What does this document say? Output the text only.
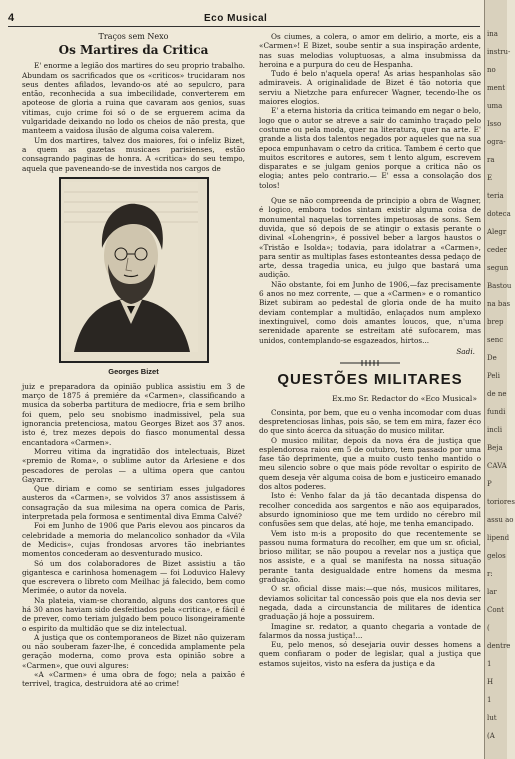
4	Eco Musical

Traços sem Nexo

Os Martires da Critica

E' enorme a legião dos martires do seu proprio trabalho. Abundam os sacrificados que os «criticos» trucidaram nos seus dentes afilados, levando-os até ao sepulcro, para então, reconhecida a sua imbecilidade, converterem em apoteose de gloria a ruina que cavaram aos genios, suas vitimas, cujo crime foi só o de se erguerem acima da vulgaridade deixando no lodo os cheios de não presta, que manteem a vaidosa ilusão de alguma coisa valerem.

Um dos martires, talvez dos maiores, foi o infeliz Bizet, a quem as gazetas musicaes parisienses, estão consagrando paginas de honra. A «critica» do seu tempo, aquela que paveneando-se de investida nos cargos de

Georges Bizet

juiz e preparadora da opinião publica assistiu em 3 de março de 1875 á premiére da «Carmen», classificando a musica da soberba partitura de mediocre, fria e sem brilho foi quem, pelo seu snobismo inadmissivel, pela sua ignorancia pretenciosa, matou Georges Bizet aos 37 anos. isto é, trez mezes depois do fiasco monumental dessa encantadora «Carmen».

Morreu vitima da ingratidão dos intelectuais, Bizet «premio de Roma», o sublime autor da Arlesiene e dos pescadores de perolas — a ultima opera que cantou Gayarre.

Que diriam e como se sentiriam esses julgadores austeros da «Carmen», se volvidos 37 anos assistissem á consagração da sua milesima na opera comica de Paris, interpretada pela formosa e sentimental diva Emma Calvé?

Foi em Junho de 1906 que Paris elevou aos pincaros da celebridade a memoria do melancolico sonhador da «Vila de Medicis», cujas frondosas arvores tão inebriantes momentos concederam ao desventurado musico.

Só um dos colaboradores de Bizet assistiu a tão gigantesca e carinhosa homenagem — foi Loduvico Halevy que escrevera o libreto com Meilhac já falecido, bem como Merimée, o autor da novela.

Na plateia, viam-se chorando, alguns dos cantores que há 30 anos haviam sido desfeitiados pela «critica», e fácil é de prever, como teriam julgado bem pouco lisongeiramente o espirito da multidão que se diz intelectual.

A justiça que os contemporaneos de Bizet não quizeram ou não souberam fazer-lhe, é concedida amplamente pela geração moderna, como prova esta opinião sobre a «Carmen», que ouvi algures:

«A «Carmen» é uma obra de fogo; nela a paixão é terrivel, tragica, destruidora até ao crime!

Os ciumes, a colera, o amor em delirio, a morte, eis a «Carmen»! E Bizet, soube sentir a sua inspiração ardente, nas suas melodias voluptuosas, a alma insubmissa da heroina e a purpura do ceu de Hespanha.

Tudo é belo n'aquela opera! As arias hespanholas são admiraveis. A originalidade de Bizet é tão notoria que serviu a Nietzche para enfurecer Wagner, tecendo-lhe os maiores elogios.

E' a eterna historia da critica teimando em negar o belo, logo que o autor se atreve a sair do caminho traçado pelo costume ou pela moda, quer na literatura, quer na arte. E' grande a lista dos talentos negados por aqueles que na sua epoca empunhavam o cetro da critica. Tambem é certo que muitos escritores e autores, sem t lento algum, escrevem disparates e se julgam genios porque a critica não os elogia; antes pelo contrario.— E' essa a consolação dos tolos!

Que se não compreenda de principio a obra de Wagner, é logico, embora todos sintam existir alguma coisa de monumental naquelas torrentes impetuosas de sons. Sem duvida, que só depois de se atingir o extasis perante o divinal «Lohengrin», é possivel beber a largos haustos o «Tristão e Isolda»; todavia, para idolatrar a «Carmen», para sentir as multiplas fases estonteantes dessa pedaço de arte, dessa tragedia unica, eu julgo que bastará uma audição.

Não obstante, foi em Junho de 1906,—faz precisamente 6 anos no mez corrente, — que a «Carmen» e o romantico Bizet subiram ao pedestal de gloria onde de ha muito deviam contemplar a multidão, enlaçados num amplexo inextinguivel, como dois amantes loucos, que, n'uma serenidade aparente se estreitam até sufocarem, mas unidos, contemplando-se esgazeados, hirtos...

Sadi.
QUESTÕES MILITARES
Ex.mo Sr. Redactor do «Eco Musical»

Consinta, por bem, que eu o venha incomodar com duas despretenciosas linhas, pois são, se tem em mira, fazer éco do que sinto ácerca da situação do musico militar.

O musico militar, depois da nova éra de justiça que esplendorosa raiou em 5 de outubro, tem passado por uma fase tão deprimente, que a muito custo tenho mantido o meu silencio sobre o que mais póde revoltar o espirito de quem deseja vêr alguma coisa de bom e justiceiro emanado dos altos poderes.

Isto é: Venho falar da já tão decantada dispensa do recolher concedida aos sargentos e não aos equiparados, absurdo ignominioso que me tem urdido no cérebro mil confusões sem que delas, até hoje, me tenha emancipado.

Vem isto m·is a proposito do que recentemente se passou numa formatura do recolher, em que um sr. oficial, brioso militar, se não poupou a revelar nos a justiça que nos assiste, e a qual se manifesta na nossa situação perante tanta desigualdade entre homens da mesma graduação.

O sr. oficial disse mais:—que nós, musicos militares, deviamos solicitar tal concessão pois que ela nos devia ser negada, dada a circunstancia de militares de identica graduação já hoje a possuirem.

Imagine sr. redator, a quanto chegaria a vontade de falarmos da nossa justiça!...

Eu, pelo menos, só desejaria ouvir desses homens a quem confiaram o poder de legislar, qual a justiça que estamos sujeitos, visto na esfera da justiça e da

ina
instru-
no
ment
uma
Isso
ogra-
ra
E
teria
doteca
Alegr
ceder
segun
Bastou
na bas
brep
senc
De
Peli
de ne
fundi
incli
Beja
CAVA
P
toriores
assu ao
lipend
gelos
r:
lar
Cont
(
dentre
1
H
1
lut
(A
